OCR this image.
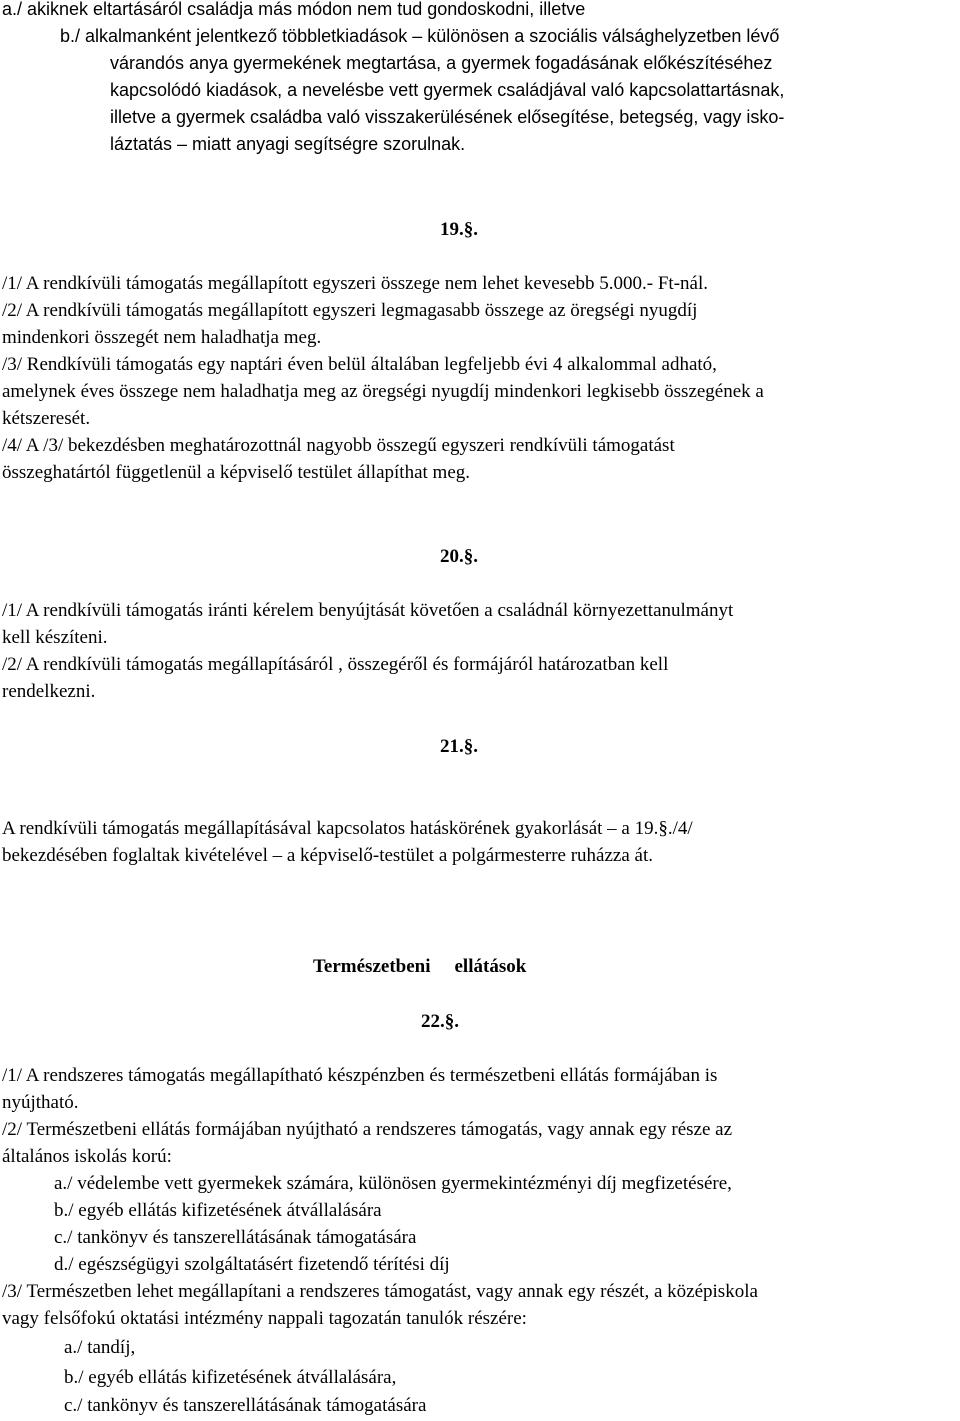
a./ akiknek eltartásáról családja más módon nem tud gondoskodni, illetve
b./ alkalmanként jelentkező többletkiadások – különösen a szociális válsághelyzetben lévő
várandós anya gyermekének megtartása, a gyermek fogadásának előkészítéséhez
kapcsolódó kiadások, a nevelésbe vett gyermek családjával való kapcsolattartásnak,
illetve a gyermek családba való visszakerülésének elősegítése, betegség, vagy isko-
láztatás – miatt anyagi segítségre szorulnak.
19.§.
/1/ A rendkívüli támogatás megállapított egyszeri összege nem lehet kevesebb 5.000.- Ft-nál.
/2/ A rendkívüli támogatás megállapított egyszeri legmagasabb összege az öregségi nyugdíj
mindenkori összegét nem haladhatja meg.
/3/ Rendkívüli támogatás egy naptári éven belül általában legfeljebb évi 4 alkalommal adható,
amelynek éves összege nem haladhatja meg az öregségi nyugdíj mindenkori legkisebb összegének a
kétszeresét.
/4/ A /3/ bekezdésben meghatározottnál nagyobb összegű egyszeri rendkívüli támogatást
összeghatártól függetlenül a képviselő testület állapíthat meg.
20.§.
/1/ A rendkívüli támogatás iránti kérelem benyújtását követően a családnál környezettanulmányt
kell készíteni.
/2/ A rendkívüli támogatás megállapításáról , összegéről és formájáról határozatban kell
rendelkezni.
21.§.
A rendkívüli támogatás megállapításával kapcsolatos hatáskörének gyakorlását – a 19.§./4/
bekezdésében foglaltak kivételével – a képviselő-testület a polgármesterre ruházza át.
Természetbeni ellátások
22.§.
/1/ A rendszeres támogatás megállapítható készpénzben és természetbeni ellátás formájában is
nyújtható.
/2/ Természetbeni ellátás formájában nyújtható a rendszeres támogatás, vagy annak egy része az
általános iskolás korú:
a./ védelembe vett gyermekek számára, különösen gyermekintézményi díj megfizetésére,
b./ egyéb ellátás kifizetésének átvállalására
c./ tankönyv és tanszerellátásának támogatására
d./ egészségügyi szolgáltatásért fizetendő térítési díj
/3/ Természetben lehet megállapítani a rendszeres támogatást, vagy annak egy részét, a középiskola
vagy felsőfokú oktatási intézmény nappali tagozatán tanulók részére:
a./ tandíj,
b./ egyéb ellátás kifizetésének átvállalására,
c./ tankönyv és tanszerellátásának támogatására
